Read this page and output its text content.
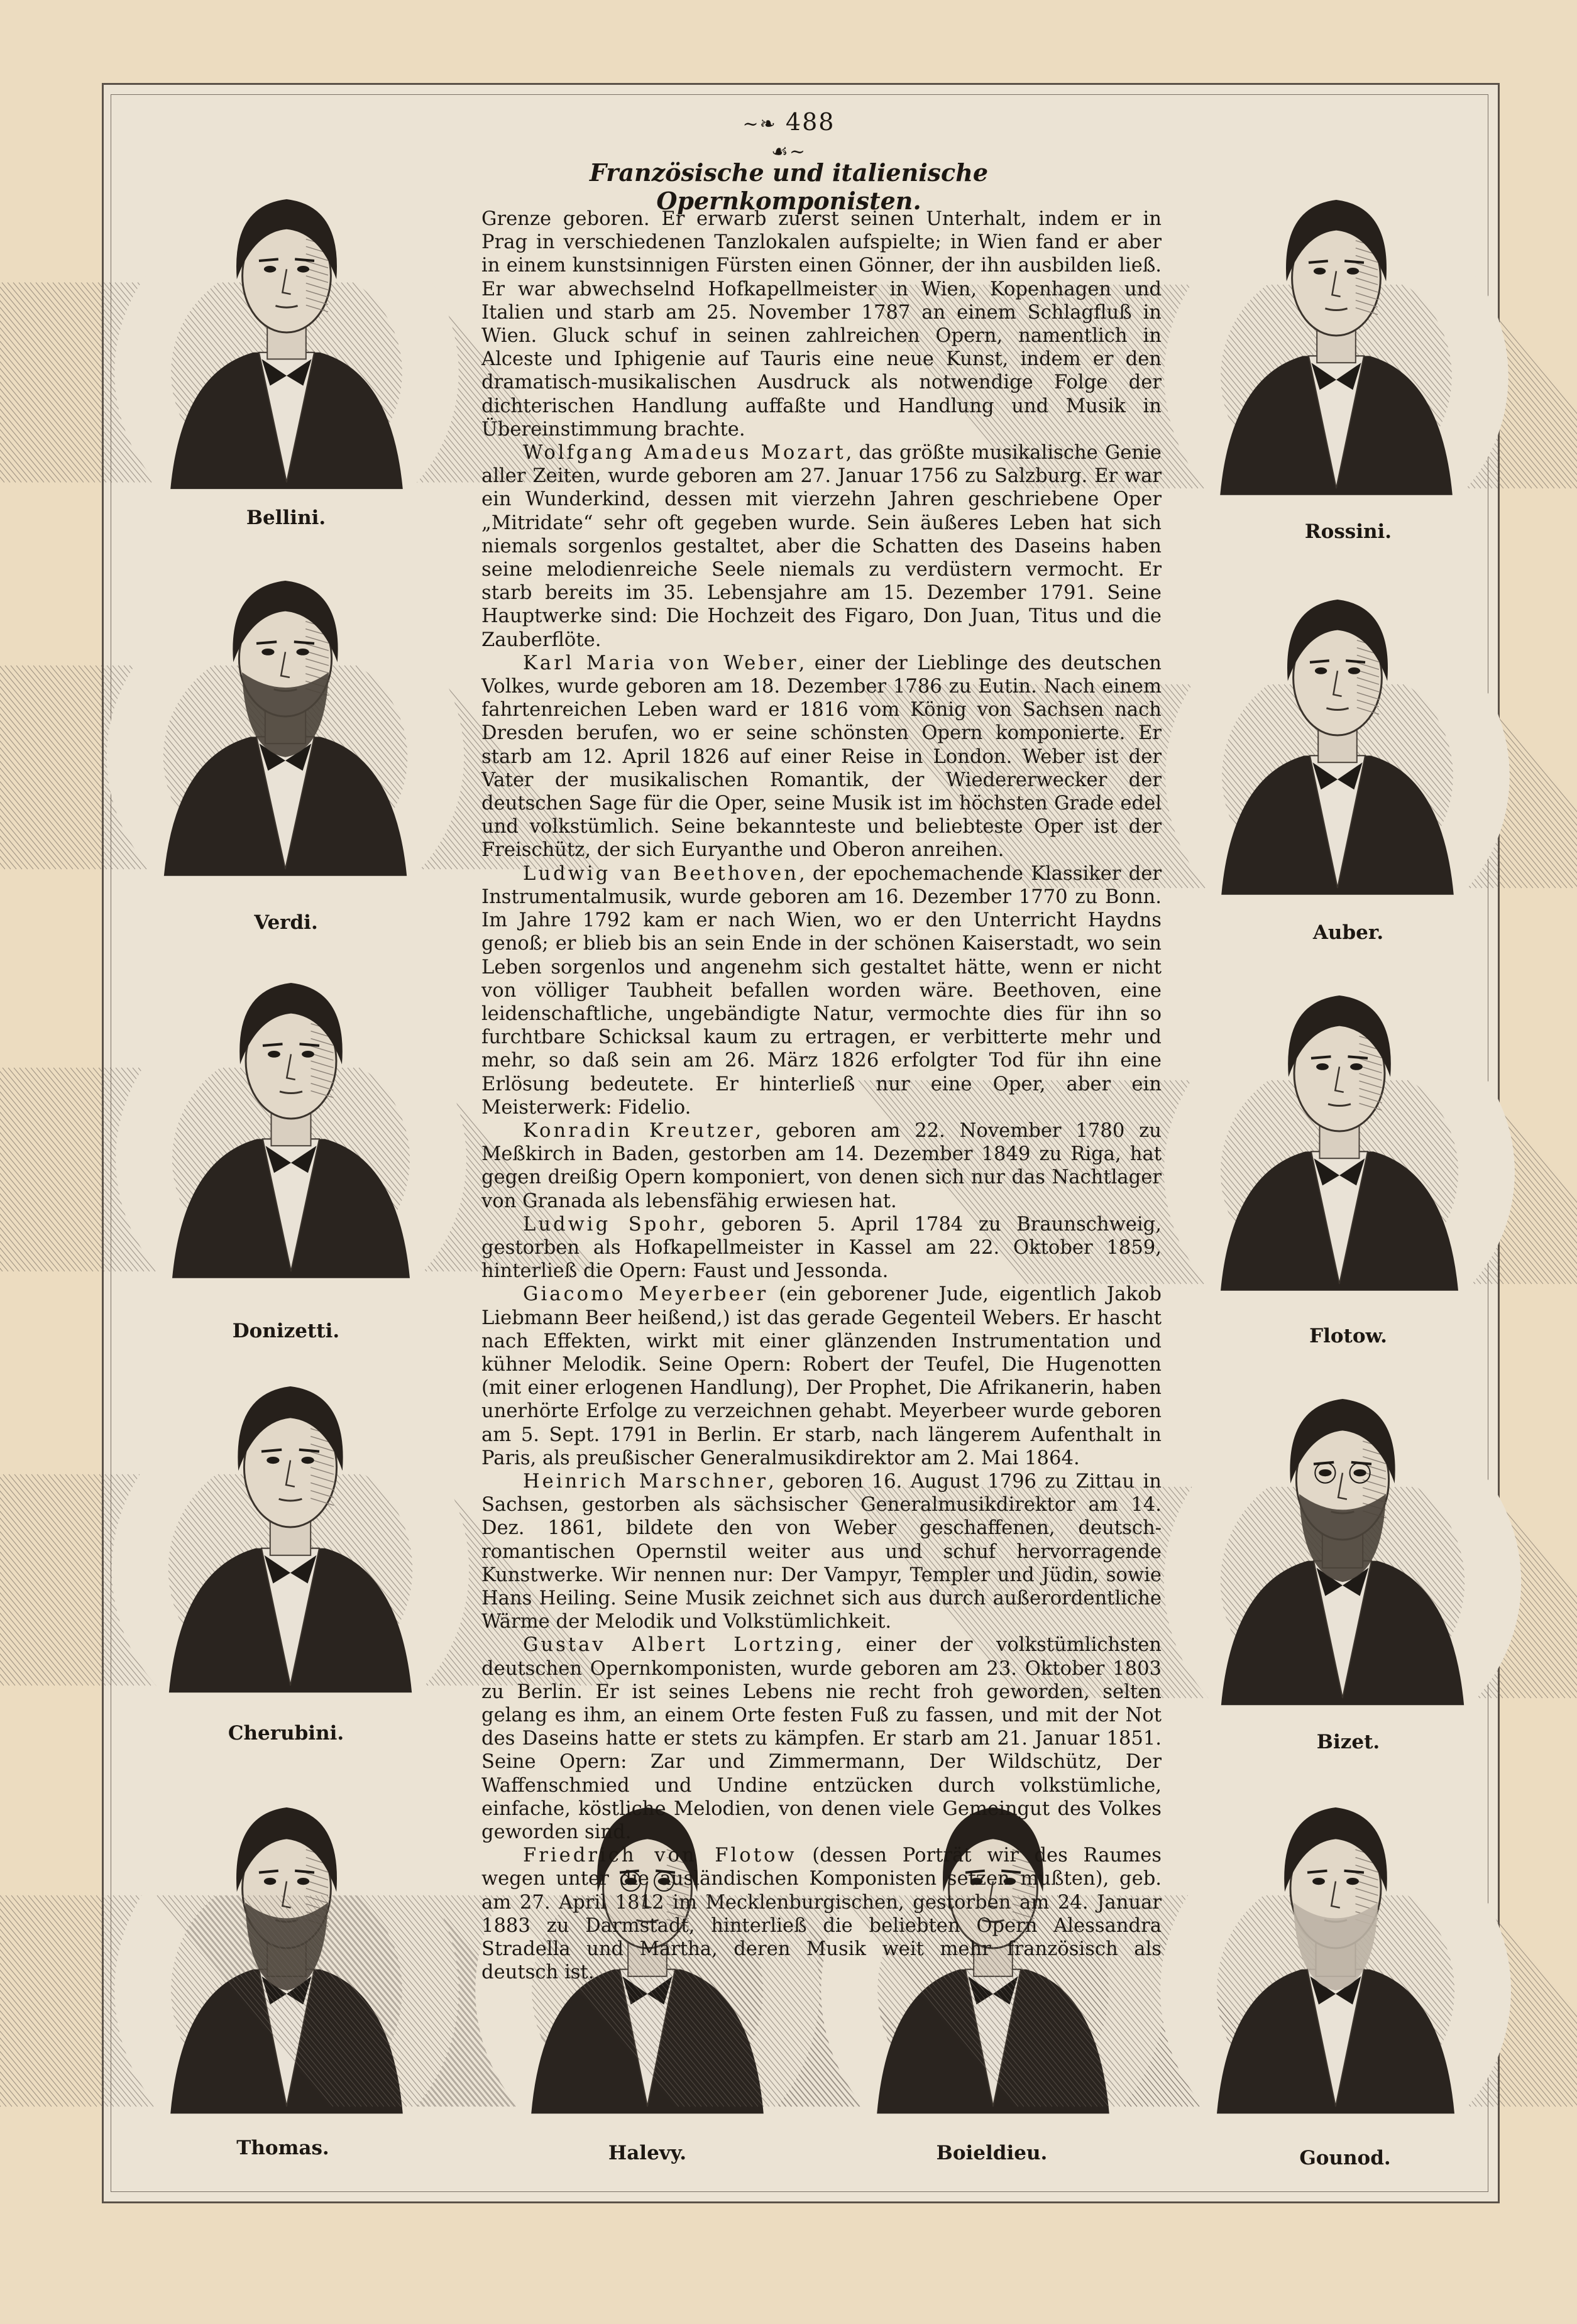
~❧ 488 ☙~
Französische und italienische Opernkomponisten.
Bellini.
Verdi.
Donizetti.
Cherubini.
Rossini.
Auber.
Flotow.
Bizet.
Thomas.	Halevy.	Boieldieu.	Gounod.

Grenze geboren. Er erwarb zuerst seinen Unterhalt, indem er in Prag in verschiedenen Tanzlokalen aufspielte; in Wien fand er aber in einem kunstsinnigen Fürsten einen Gönner, der ihn ausbilden ließ. Er war abwechselnd Hofkapellmeister in Wien, Kopenhagen und Italien und starb am 25. November 1787 an einem Schlagfluß in Wien. Gluck schuf in seinen zahlreichen Opern, namentlich in Alceste und Iphigenie auf Tauris eine neue Kunst, indem er den dramatisch-musikalischen Ausdruck als notwendige Folge der dichterischen Handlung auffaßte und Handlung und Musik in Übereinstimmung brachte.

Wolfgang Amadeus Mozart, das größte musikalische Genie aller Zeiten, wurde geboren am 27. Januar 1756 zu Salzburg. Er war ein Wunderkind, dessen mit vierzehn Jahren geschriebene Oper „Mitridate“ sehr oft gegeben wurde. Sein äußeres Leben hat sich niemals sorgenlos gestaltet, aber die Schatten des Daseins haben seine melodienreiche Seele niemals zu verdüstern vermocht. Er starb bereits im 35. Lebensjahre am 15. Dezember 1791. Seine Hauptwerke sind: Die Hochzeit des Figaro, Don Juan, Titus und die Zauberflöte.

Karl Maria von Weber, einer der Lieblinge des deutschen Volkes, wurde geboren am 18. Dezember 1786 zu Eutin. Nach einem fahrtenreichen Leben ward er 1816 vom König von Sachsen nach Dresden berufen, wo er seine schönsten Opern komponierte. Er starb am 12. April 1826 auf einer Reise in London. Weber ist der Vater der musikalischen Romantik, der Wiedererwecker der deutschen Sage für die Oper, seine Musik ist im höchsten Grade edel und volkstümlich. Seine bekannteste und beliebteste Oper ist der Freischütz, der sich Euryanthe und Oberon anreihen.

Ludwig van Beethoven, der epochemachende Klassiker der Instrumentalmusik, wurde geboren am 16. Dezember 1770 zu Bonn. Im Jahre 1792 kam er nach Wien, wo er den Unterricht Haydns genoß; er blieb bis an sein Ende in der schönen Kaiserstadt, wo sein Leben sorgenlos und angenehm sich gestaltet hätte, wenn er nicht von völliger Taubheit befallen worden wäre. Beethoven, eine leidenschaftliche, ungebändigte Natur, vermochte dies für ihn so furchtbare Schicksal kaum zu ertragen, er verbitterte mehr und mehr, so daß sein am 26. März 1826 erfolgter Tod für ihn eine Erlösung bedeutete. Er hinterließ nur eine Oper, aber ein Meisterwerk: Fidelio.

Konradin Kreutzer, geboren am 22. November 1780 zu Meßkirch in Baden, gestorben am 14. Dezember 1849 zu Riga, hat gegen dreißig Opern komponiert, von denen sich nur das Nachtlager von Granada als lebensfähig erwiesen hat.

Ludwig Spohr, geboren 5. April 1784 zu Braunschweig, gestorben als Hofkapellmeister in Kassel am 22. Oktober 1859, hinterließ die Opern: Faust und Jessonda.

Giacomo Meyerbeer (ein geborener Jude, eigentlich Jakob Liebmann Beer heißend,) ist das gerade Gegenteil Webers. Er hascht nach Effekten, wirkt mit einer glänzenden Instrumentation und kühner Melodik. Seine Opern: Robert der Teufel, Die Hugenotten (mit einer erlogenen Handlung), Der Prophet, Die Afrikanerin, haben unerhörte Erfolge zu verzeichnen gehabt. Meyerbeer wurde geboren am 5. Sept. 1791 in Berlin. Er starb, nach längerem Aufenthalt in Paris, als preußischer Generalmusikdirektor am 2. Mai 1864.

Heinrich Marschner, geboren 16. August 1796 zu Zittau in Sachsen, gestorben als sächsischer Generalmusikdirektor am 14. Dez. 1861, bildete den von Weber geschaffenen, deutsch-romantischen Opernstil weiter aus und schuf hervorragende Kunstwerke. Wir nennen nur: Der Vampyr, Templer und Jüdin, sowie Hans Heiling. Seine Musik zeichnet sich aus durch außerordentliche Wärme der Melodik und Volkstümlichkeit.

Gustav Albert Lortzing, einer der volkstümlichsten deutschen Opernkomponisten, wurde geboren am 23. Oktober 1803 zu Berlin. Er ist seines Lebens nie recht froh geworden, selten gelang es ihm, an einem Orte festen Fuß zu fassen, und mit der Not des Daseins hatte er stets zu kämpfen. Er starb am 21. Januar 1851. Seine Opern: Zar und Zimmermann, Der Wildschütz, Der Waffenschmied und Undine entzücken durch volkstümliche, einfache, köstliche Melodien, von denen viele Gemeingut des Volkes geworden sind.

Friedrich von Flotow (dessen Porträt wir des Raumes wegen unter die ausländischen Komponisten setzen mußten), geb. am 27. April 1812 im Mecklenburgischen, gestorben am 24. Januar 1883 zu Darmstadt, hinterließ die beliebten Opern Alessandra Stradella und Martha, deren Musik weit mehr französisch als deutsch ist.
